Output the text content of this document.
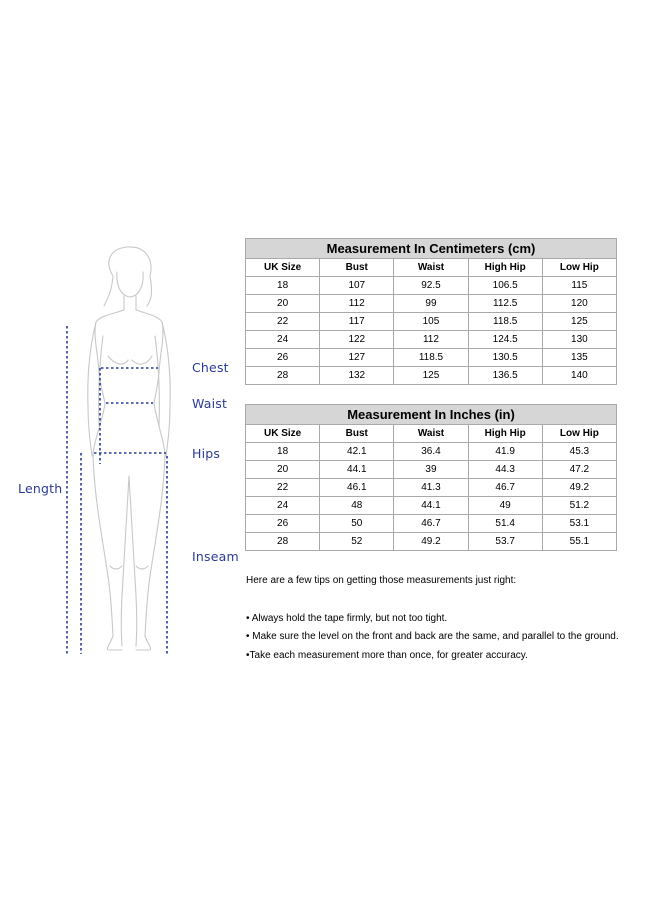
Chest
Waist
Hips
Length
Inseam
Measurement In Centimeters (cm)				
UK Size	Bust	Waist	High Hip	Low Hip
18	107	92.5	106.5	115
20	112	99	112.5	120
22	117	105	118.5	125
24	122	112	124.5	130
26	127	118.5	130.5	135
28	132	125	136.5	140
Measurement In Inches (in)				
UK Size	Bust	Waist	High Hip	Low Hip
18	42.1	36.4	41.9	45.3
20	44.1	39	44.3	47.2
22	46.1	41.3	46.7	49.2
24	48	44.1	49	51.2
26	50	46.7	51.4	53.1
28	52	49.2	53.7	55.1
Here are a few tips on getting those measurements just right:
• Always hold the tape firmly, but not too tight.
• Make sure the level on the front and back are the same, and parallel to the ground.
•Take each measurement more than once, for greater accuracy.
